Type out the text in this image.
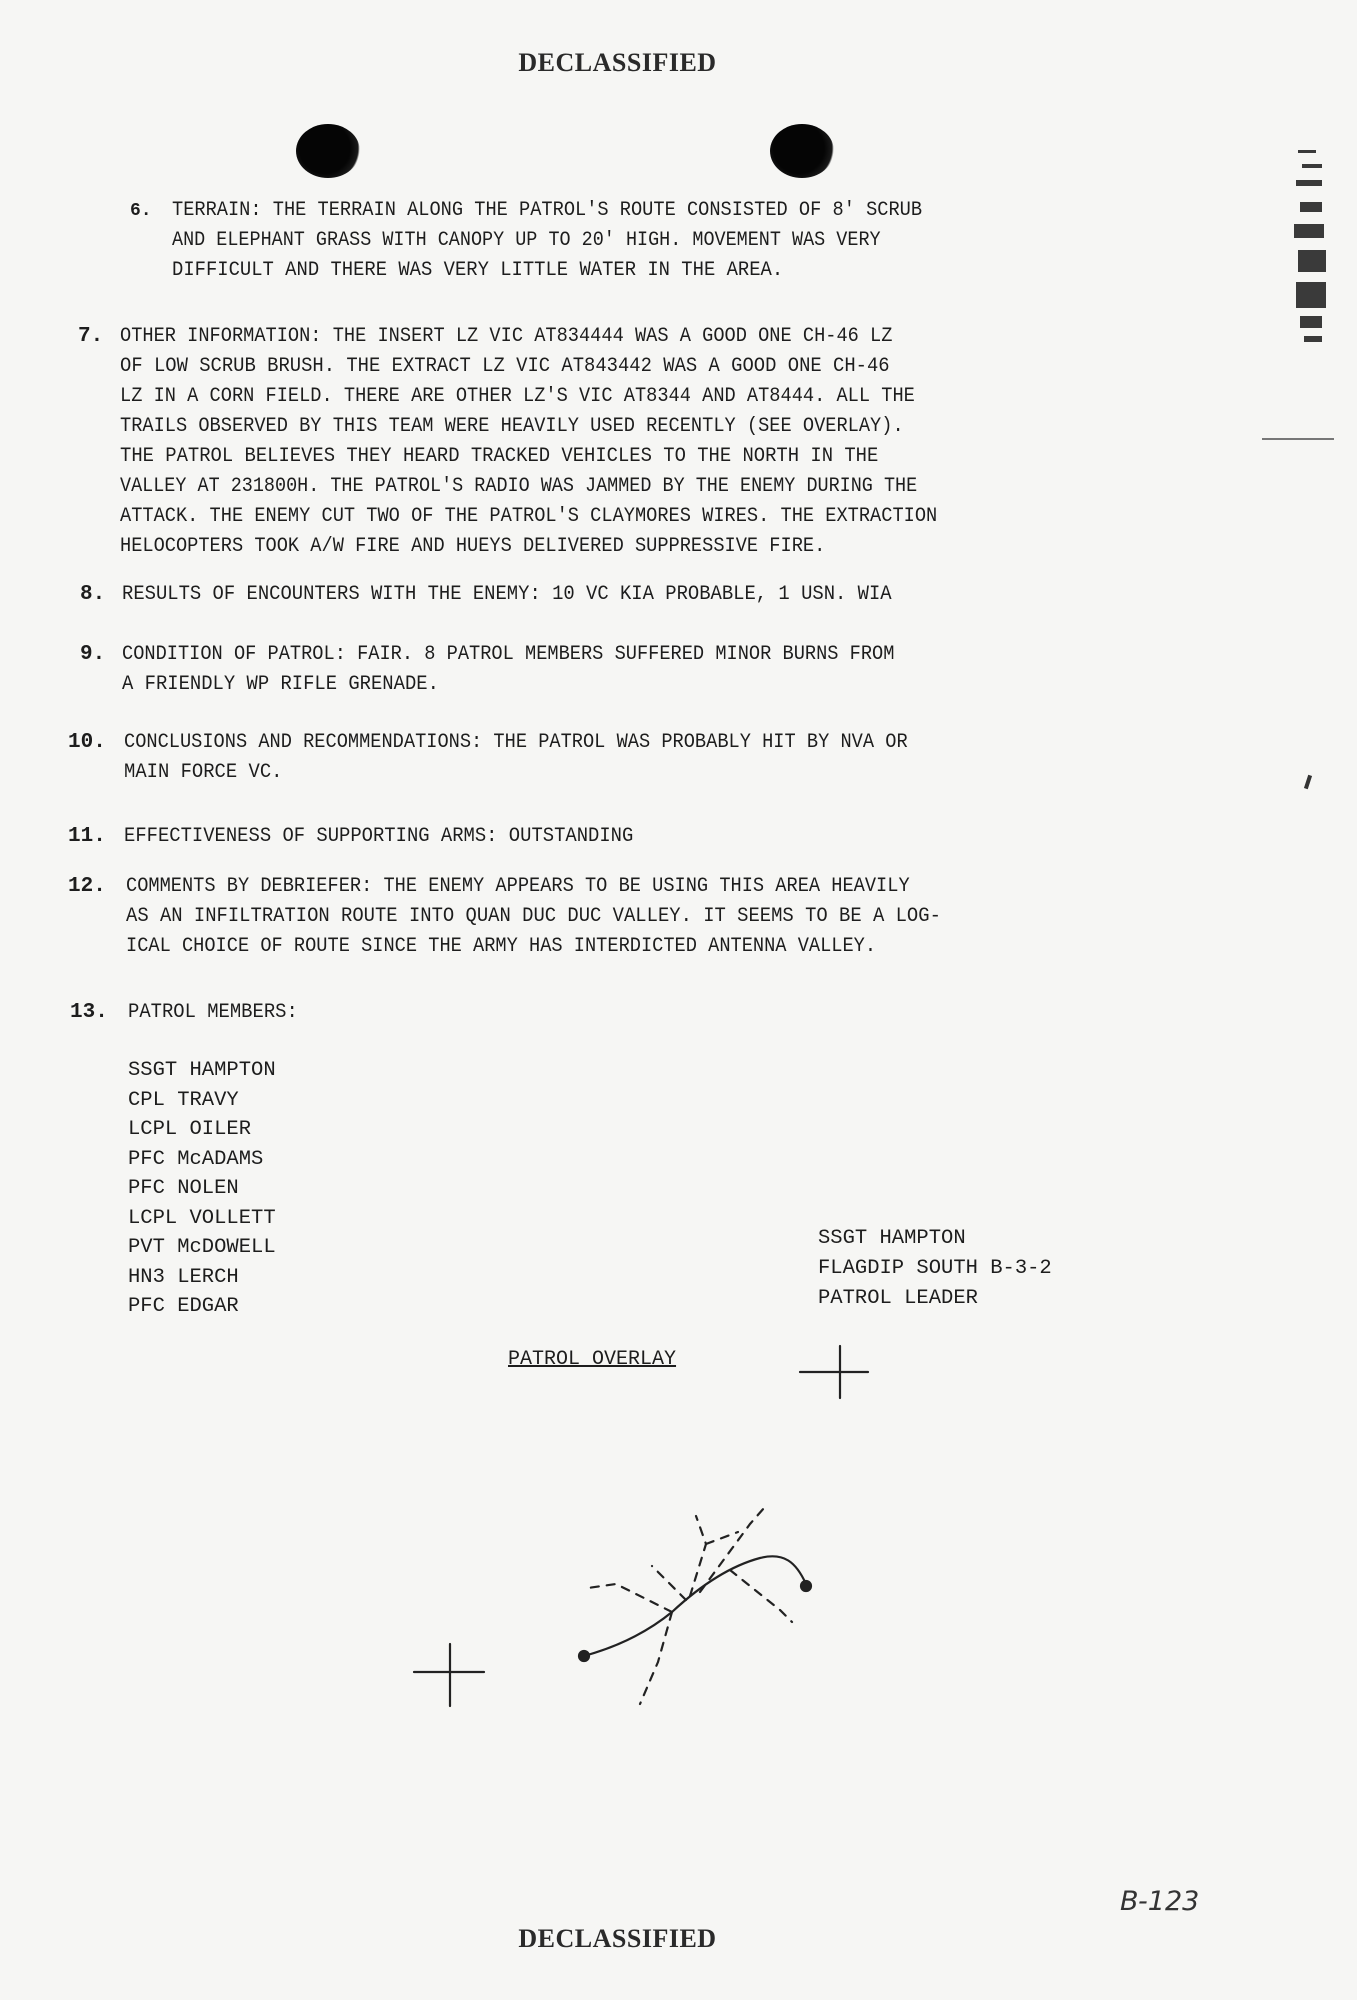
DECLASSIFIED
6. TERRAIN: THE TERRAIN ALONG THE PATROL'S ROUTE CONSISTED OF 8' SCRUB
AND ELEPHANT GRASS WITH CANOPY UP TO 20' HIGH. MOVEMENT WAS VERY
DIFFICULT AND THERE WAS VERY LITTLE WATER IN THE AREA.
7. OTHER INFORMATION: THE INSERT LZ VIC AT834444 WAS A GOOD ONE CH-46 LZ
OF LOW SCRUB BRUSH. THE EXTRACT LZ VIC AT843442 WAS A GOOD ONE CH-46
LZ IN A CORN FIELD. THERE ARE OTHER LZ'S VIC AT8344 AND AT8444. ALL THE
TRAILS OBSERVED BY THIS TEAM WERE HEAVILY USED RECENTLY (SEE OVERLAY).
THE PATROL BELIEVES THEY HEARD TRACKED VEHICLES TO THE NORTH IN THE
VALLEY AT 231800H. THE PATROL'S RADIO WAS JAMMED BY THE ENEMY DURING THE
ATTACK. THE ENEMY CUT TWO OF THE PATROL'S CLAYMORES WIRES. THE EXTRACTION
HELOCOPTERS TOOK A/W FIRE AND HUEYS DELIVERED SUPPRESSIVE FIRE.
8. RESULTS OF ENCOUNTERS WITH THE ENEMY: 10 VC KIA PROBABLE, 1 USN. WIA
9. CONDITION OF PATROL: FAIR. 8 PATROL MEMBERS SUFFERED MINOR BURNS FROM
A FRIENDLY WP RIFLE GRENADE.
10. CONCLUSIONS AND RECOMMENDATIONS: THE PATROL WAS PROBABLY HIT BY NVA OR
MAIN FORCE VC.
11. EFFECTIVENESS OF SUPPORTING ARMS: OUTSTANDING
12. COMMENTS BY DEBRIEFER: THE ENEMY APPEARS TO BE USING THIS AREA HEAVILY
AS AN INFILTRATION ROUTE INTO QUAN DUC DUC VALLEY. IT SEEMS TO BE A LOG-
ICAL CHOICE OF ROUTE SINCE THE ARMY HAS INTERDICTED ANTENNA VALLEY.
13. PATROL MEMBERS:
SSGT HAMPTON
CPL TRAVY
LCPL OILER
PFC McADAMS
PFC NOLEN
LCPL VOLLETT
PVT McDOWELL
HN3 LERCH
PFC EDGAR
SSGT HAMPTON
FLAGDIP SOUTH B-3-2
PATROL LEADER
PATROL OVERLAY
B-123
DECLASSIFIED
